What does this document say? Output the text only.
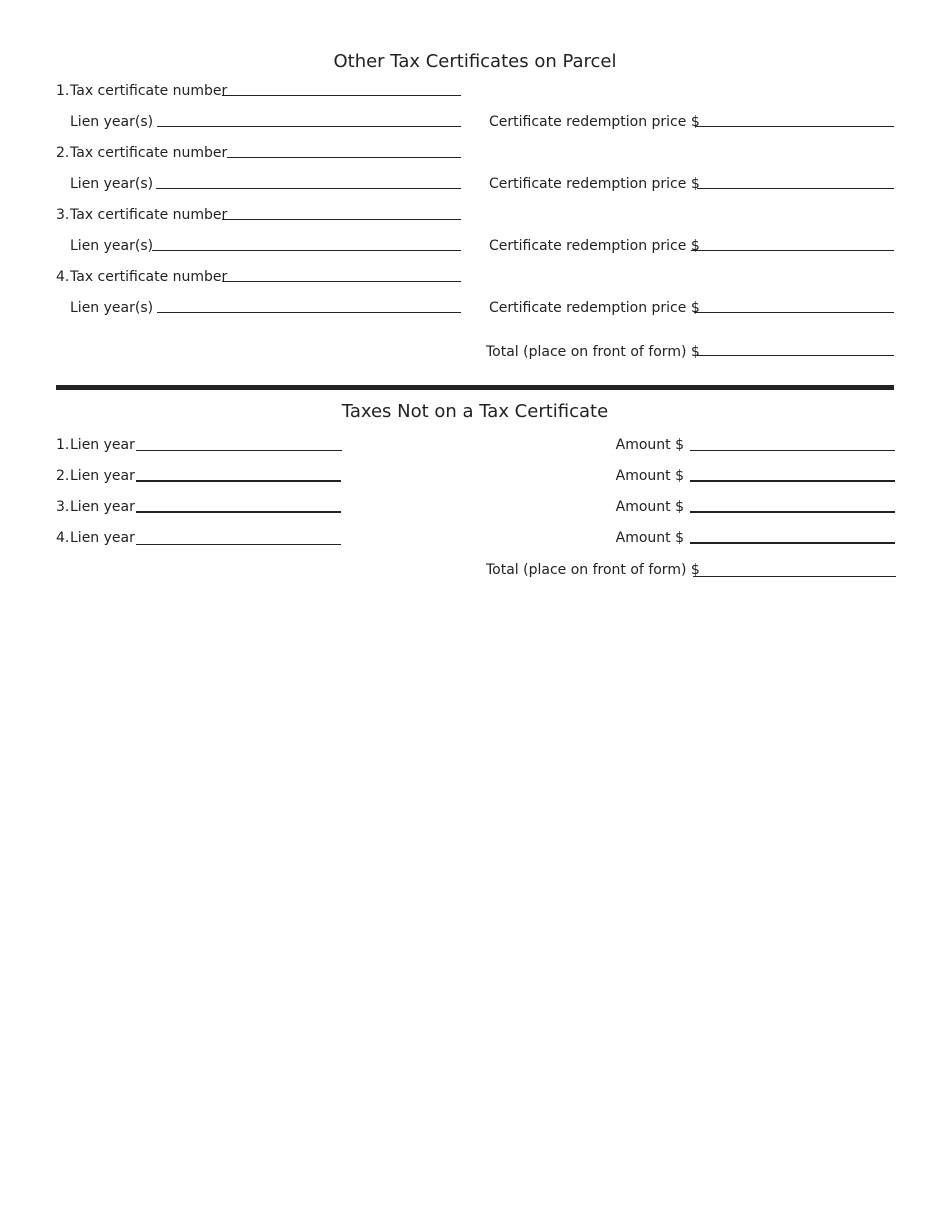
Other Tax Certificates on Parcel
1. Tax certificate number
Lien year(s)	Certificate redemption price $
2. Tax certificate number
Lien year(s)	Certificate redemption price $
3. Tax certificate number
Lien year(s)	Certificate redemption price $
4. Tax certificate number
Lien year(s)	Certificate redemption price $
Total (place on front of form) $
Taxes Not on a Tax Certificate
1. Lien year	Amount $
2. Lien year	Amount $
3. Lien year	Amount $
4. Lien year	Amount $
Total (place on front of form) $
